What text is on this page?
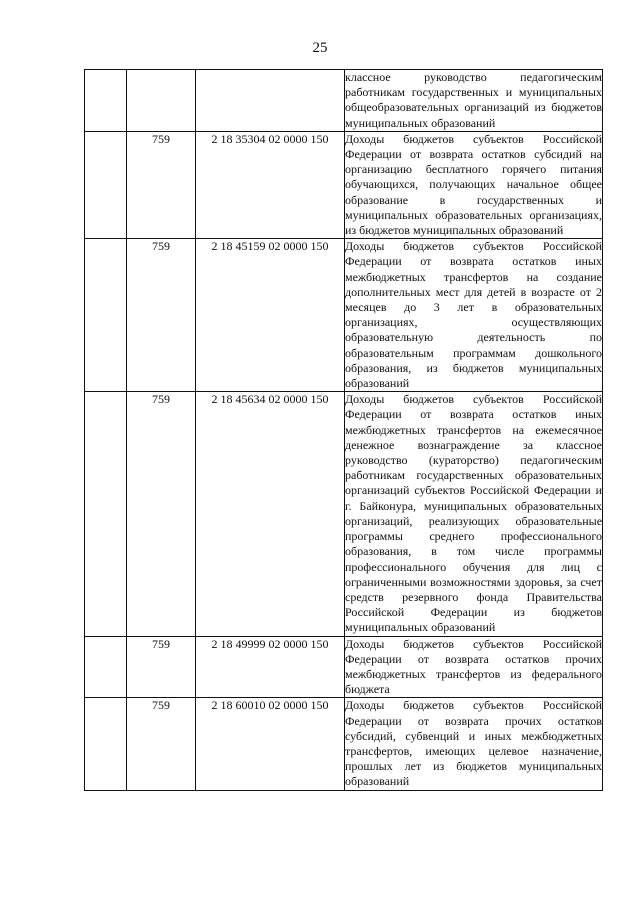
25
			классное руководство педагогическим работникам государственных и муниципальных общеобразовательных организаций из бюджетов муниципальных образований
	759	2 18 35304 02 0000 150	Доходы бюджетов субъектов Российской Федерации от возврата остатков субсидий на организацию бесплатного горячего питания обучающихся, получающих начальное общее образование в государственных и муниципальных образовательных организациях, из бюджетов муниципальных образований
	759	2 18 45159 02 0000 150	Доходы бюджетов субъектов Российской Федерации от возврата остатков иных межбюджетных трансфертов на создание дополнительных мест для детей в возрасте от 2 месяцев до 3 лет в образовательных организациях, осуществляющих образовательную деятельность по образовательным программам дошкольного образования, из бюджетов муниципальных образований
	759	2 18 45634 02 0000 150	Доходы бюджетов субъектов Российской Федерации от возврата остатков иных межбюджетных трансфертов на ежемесячное денежное вознаграждение за классное руководство (кураторство) педагогическим работникам государственных образовательных организаций субъектов Российской Федерации и г. Байконура, муниципальных образовательных организаций, реализующих образовательные программы среднего профессионального образования, в том числе программы профессионального обучения для лиц с ограниченными возможностями здоровья, за счет средств резервного фонда Правительства Российской Федерации из бюджетов муниципальных образований
	759	2 18 49999 02 0000 150	Доходы бюджетов субъектов Российской Федерации от возврата остатков прочих межбюджетных трансфертов из федерального бюджета
	759	2 18 60010 02 0000 150	Доходы бюджетов субъектов Российской Федерации от возврата прочих остатков субсидий, субвенций и иных межбюджетных трансфертов, имеющих целевое назначение, прошлых лет из бюджетов муниципальных образований
